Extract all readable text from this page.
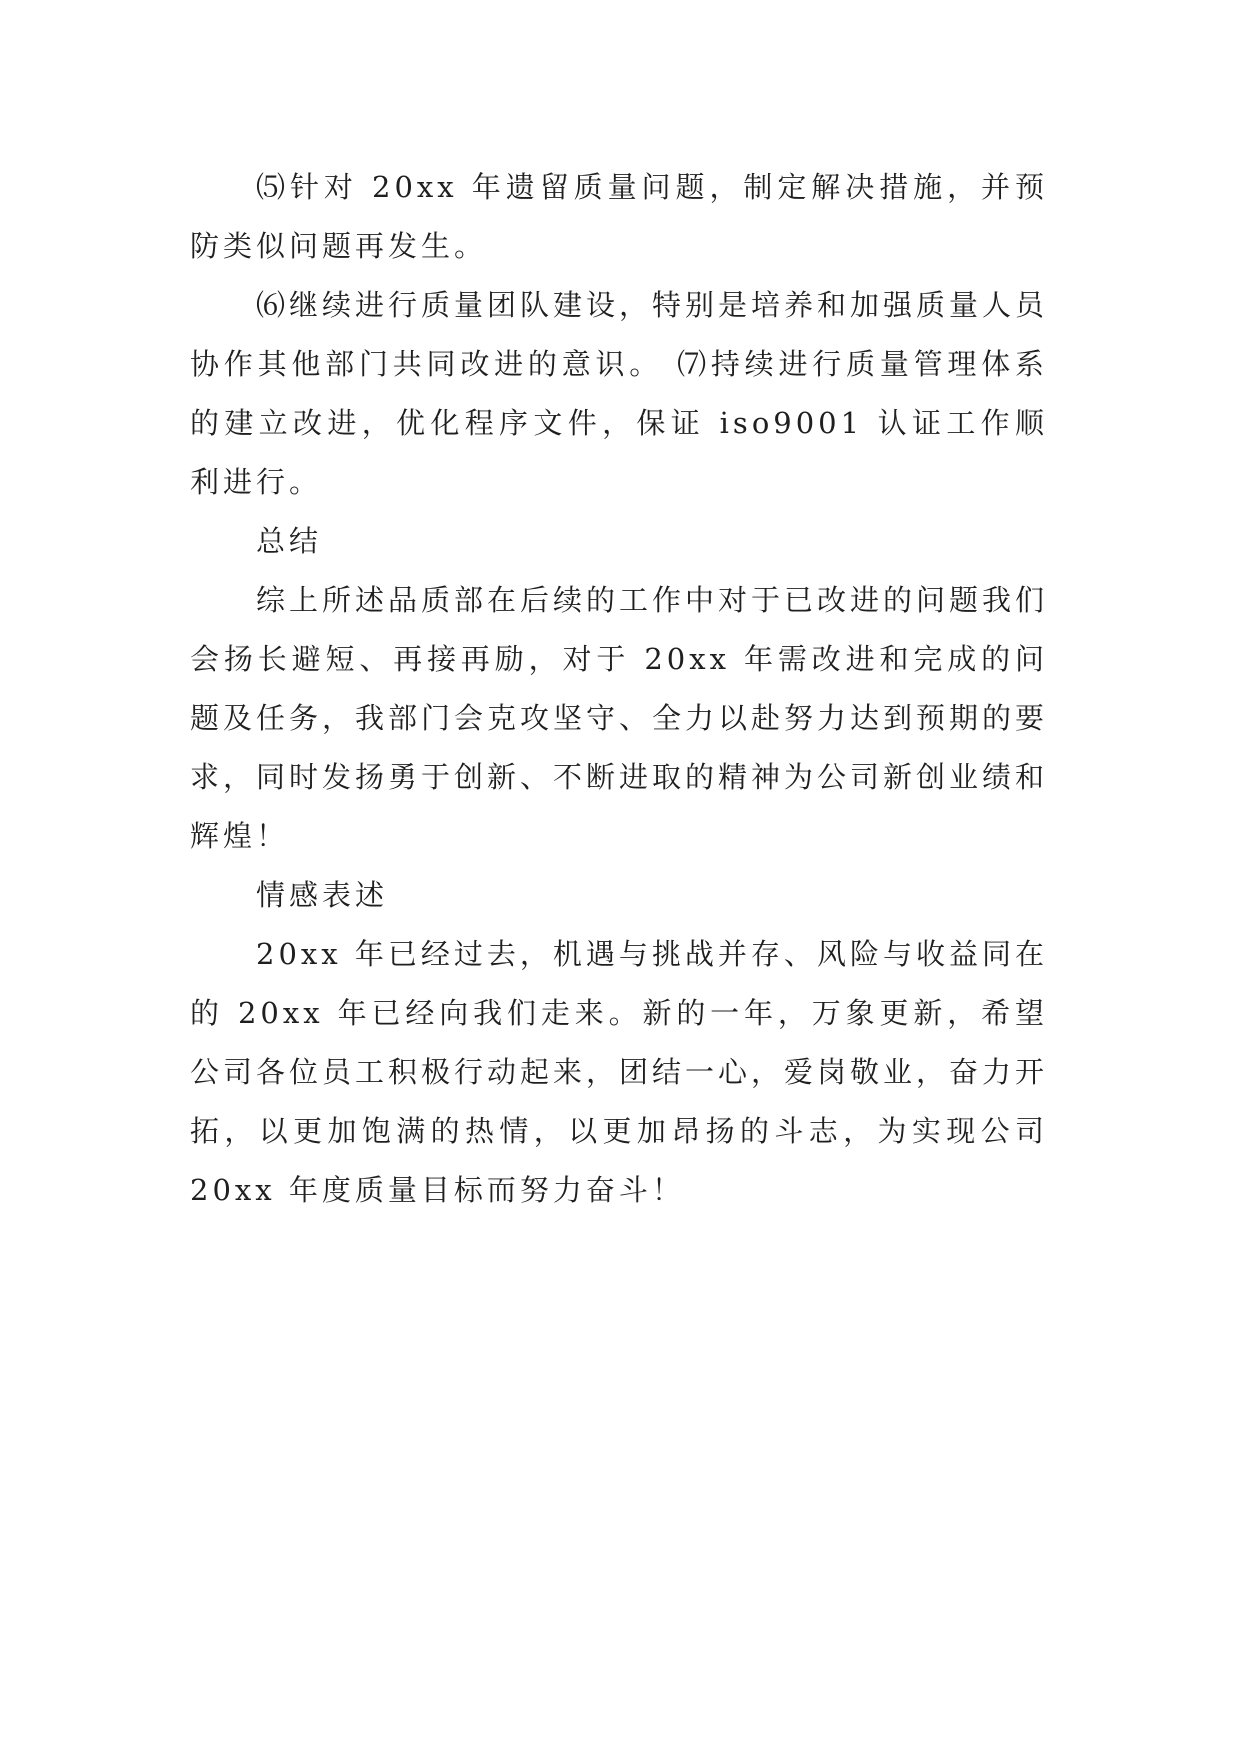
⑸针对 20xx 年遗留质量问题，制定解决措施，并预防类似问题再发生。

⑹继续进行质量团队建设，特别是培养和加强质量人员协作其他部门共同改进的意识。 ⑺持续进行质量管理体系的建立改进，优化程序文件，保证 iso9001 认证工作顺利进行。

总结

综上所述品质部在后续的工作中对于已改进的问题我们会扬长避短、再接再励，对于 20xx 年需改进和完成的问题及任务，我部门会克攻坚守、全力以赴努力达到预期的要求，同时发扬勇于创新、不断进取的精神为公司新创业绩和辉煌！

情感表述

20xx 年已经过去，机遇与挑战并存、风险与收益同在的 20xx 年已经向我们走来。新的一年，万象更新，希望公司各位员工积极行动起来，团结一心，爱岗敬业，奋力开拓，以更加饱满的热情，以更加昂扬的斗志，为实现公司 20xx 年度质量目标而努力奋斗！
